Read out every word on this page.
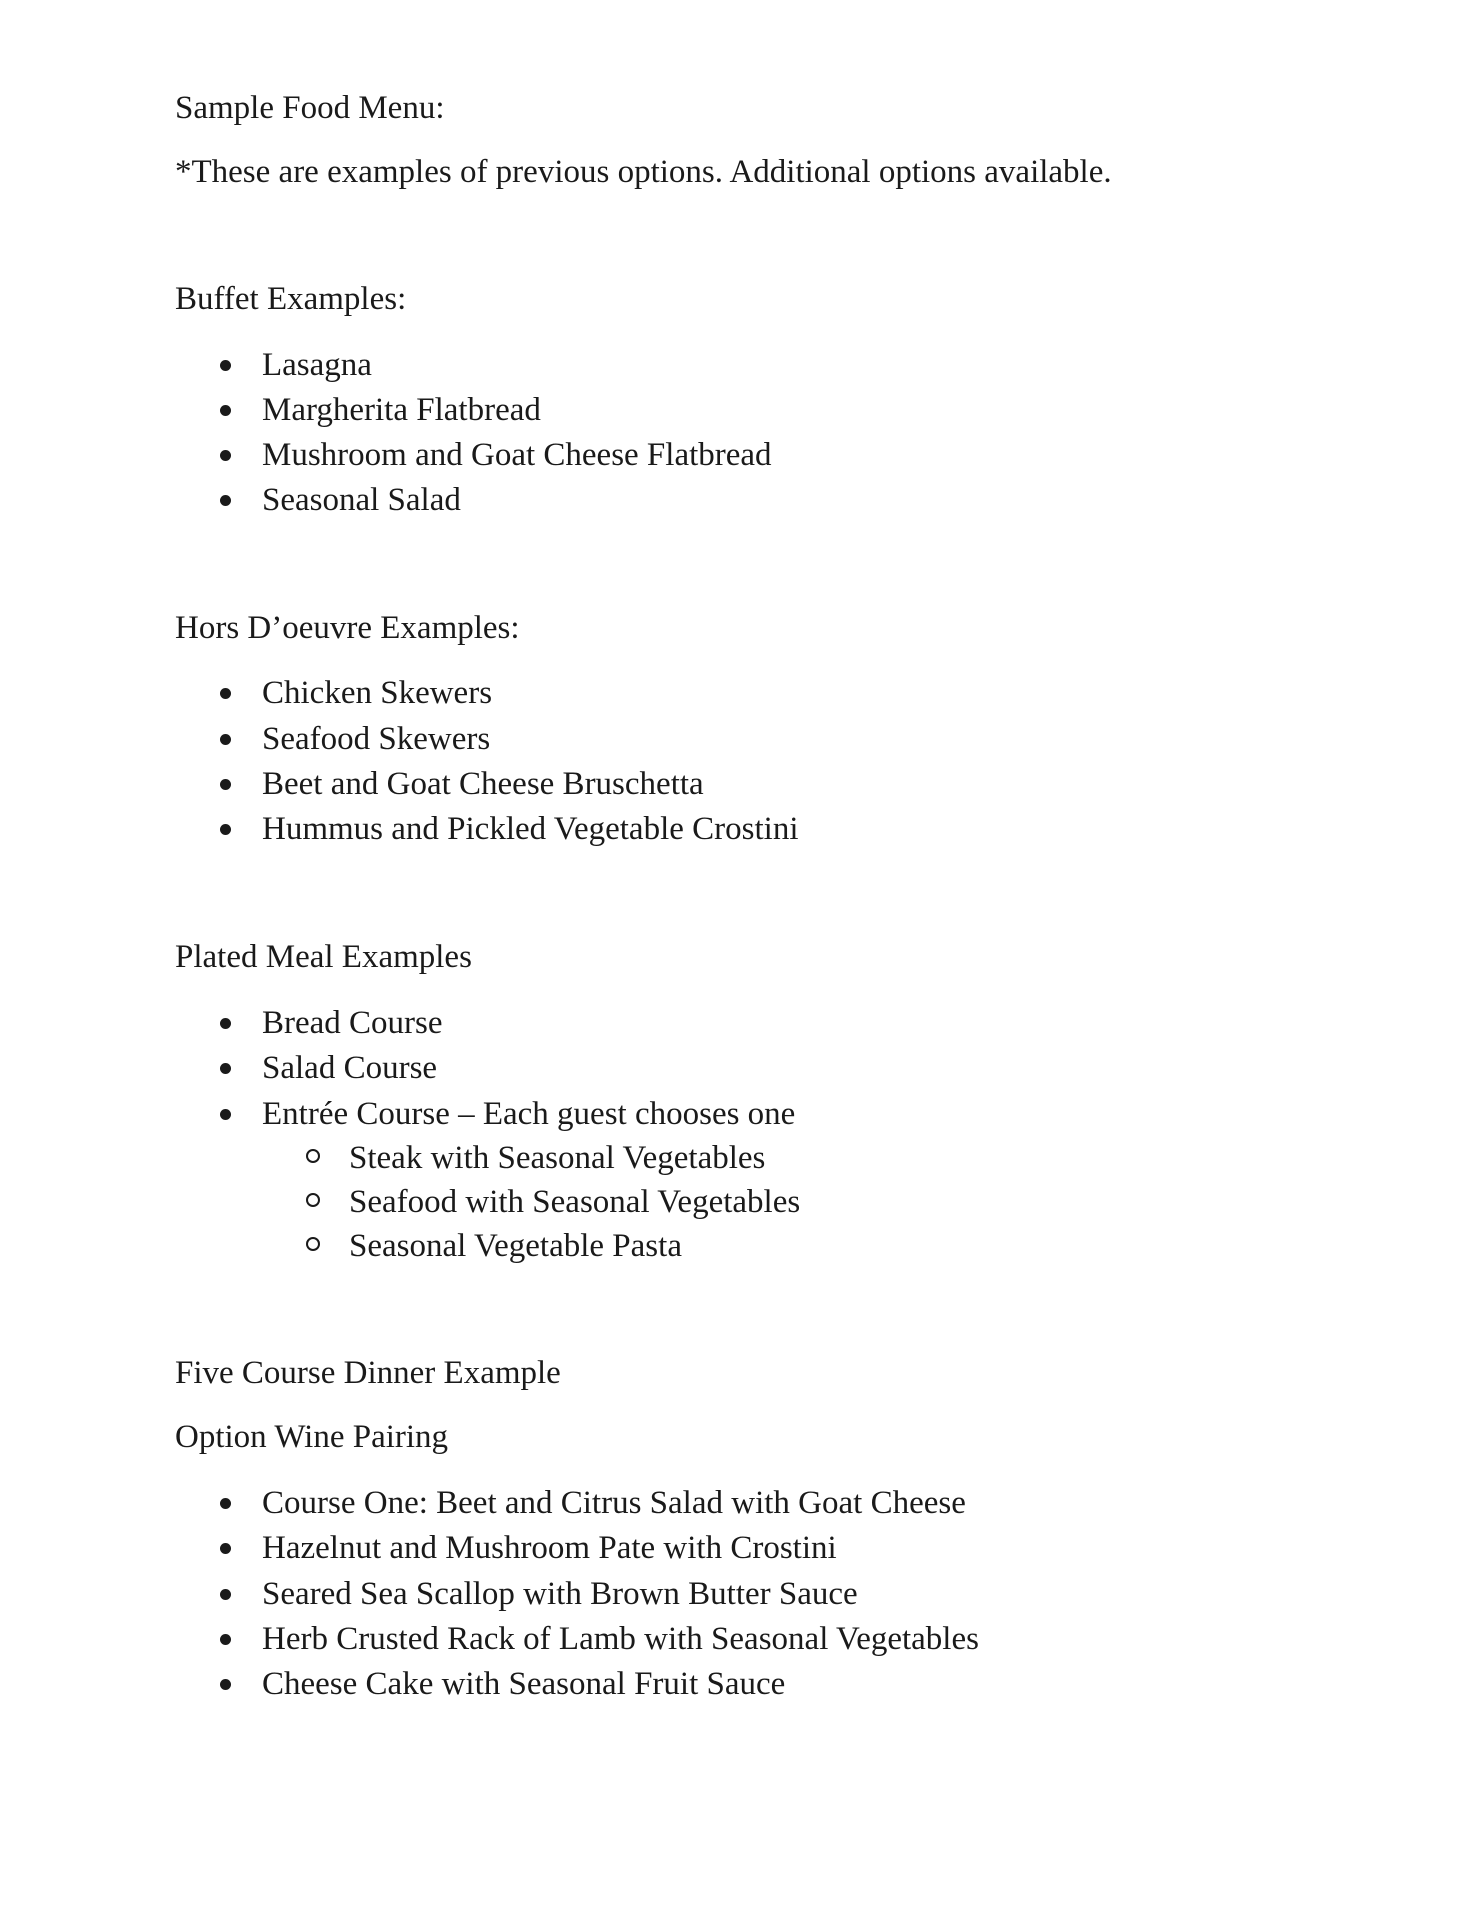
Sample Food Menu:

*These are examples of previous options. Additional options available.

Buffet Examples:
Lasagna
Margherita Flatbread
Mushroom and Goat Cheese Flatbread
Seasonal Salad
Hors D’oeuvre Examples:
Chicken Skewers
Seafood Skewers
Beet and Goat Cheese Bruschetta
Hummus and Pickled Vegetable Crostini
Plated Meal Examples
Bread Course
Salad Course
Entrée Course – Each guest chooses one
Steak with Seasonal Vegetables
Seafood with Seasonal Vegetables
Seasonal Vegetable Pasta
Five Course Dinner Example

Option Wine Pairing

Course One: Beet and Citrus Salad with Goat Cheese
Hazelnut and Mushroom Pate with Crostini
Seared Sea Scallop with Brown Butter Sauce
Herb Crusted Rack of Lamb with Seasonal Vegetables
Cheese Cake with Seasonal Fruit Sauce
